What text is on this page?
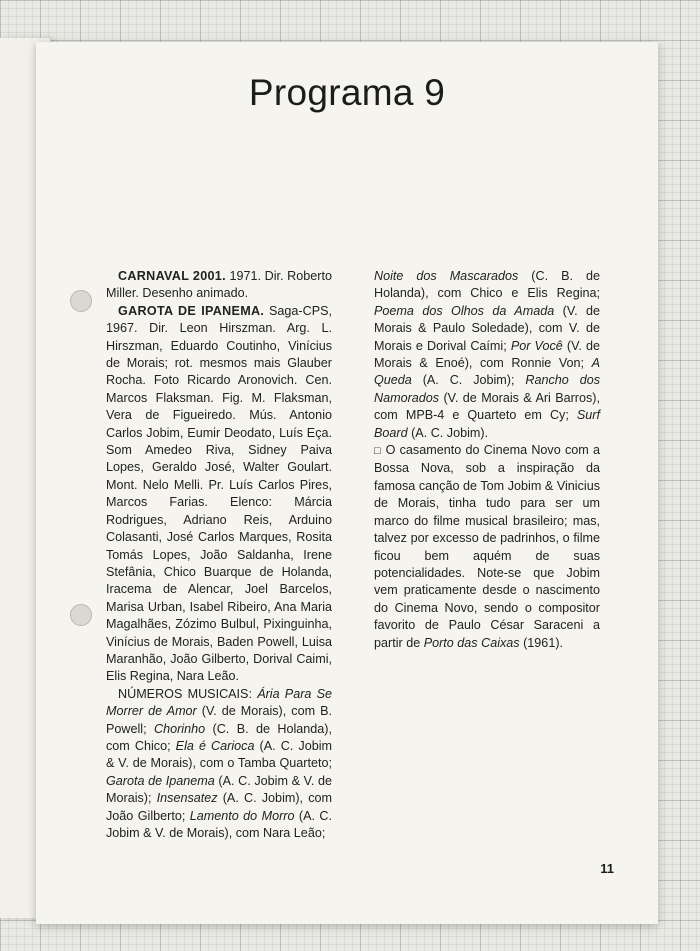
Programa 9

CARNAVAL 2001. 1971. Dir. Roberto Miller. Desenho animado.

GAROTA DE IPANEMA. Saga-CPS, 1967. Dir. Leon Hirszman. Arg. L. Hirszman, Eduardo Coutinho, Vinícius de Morais; rot. mesmos mais Glauber Rocha. Foto Ricardo Aronovich. Cen. Marcos Flaksman. Fig. M. Flaksman, Vera de Figueiredo. Mús. Antonio Carlos Jobim, Eumir Deodato, Luís Eça. Som Amedeo Riva, Sidney Paiva Lopes, Geraldo José, Walter Goulart. Mont. Nelo Melli. Pr. Luís Carlos Pires, Marcos Farias. Elenco: Márcia Rodrigues, Adriano Reis, Arduino Colasanti, José Carlos Marques, Rosita Tomás Lopes, João Saldanha, Irene Stefânia, Chico Buarque de Holanda, Iracema de Alencar, Joel Barcelos, Marisa Urban, Isabel Ribeiro, Ana Maria Magalhães, Zózimo Bulbul, Pixinguinha, Vinícius de Morais, Baden Powell, Luisa Maranhão, João Gilberto, Dorival Caimi, Elis Regina, Nara Leão.

NÚMEROS MUSICAIS: Ária Para Se Morrer de Amor (V. de Morais), com B. Powell; Chorinho (C. B. de Holanda), com Chico; Ela é Carioca (A. C. Jobim & V. de Morais), com o Tamba Quarteto; Garota de Ipanema (A. C. Jobim & V. de Morais); Insensatez (A. C. Jobim), com João Gilberto; Lamento do Morro (A. C. Jobim & V. de Morais), com Nara Leão;

Noite dos Mascarados (C. B. de Holanda), com Chico e Elis Regina; Poema dos Olhos da Amada (V. de Morais & Paulo Soledade), com V. de Morais e Dorival Caími; Por Você (V. de Morais & Enoé), com Ronnie Von; A Queda (A. C. Jobim); Rancho dos Namorados (V. de Morais & Ari Barros), com MPB-4 e Quarteto em Cy; Surf Board (A. C. Jobim).

□ O casamento do Cinema Novo com a Bossa Nova, sob a inspiração da famosa canção de Tom Jobim & Vinicius de Morais, tinha tudo para ser um marco do filme musical brasileiro; mas, talvez por excesso de padrinhos, o filme ficou bem aquém de suas potencialidades. Note-se que Jobim vem praticamente desde o nascimento do Cinema Novo, sendo o compositor favorito de Paulo César Saraceni a partir de Porto das Caixas (1961).

11
